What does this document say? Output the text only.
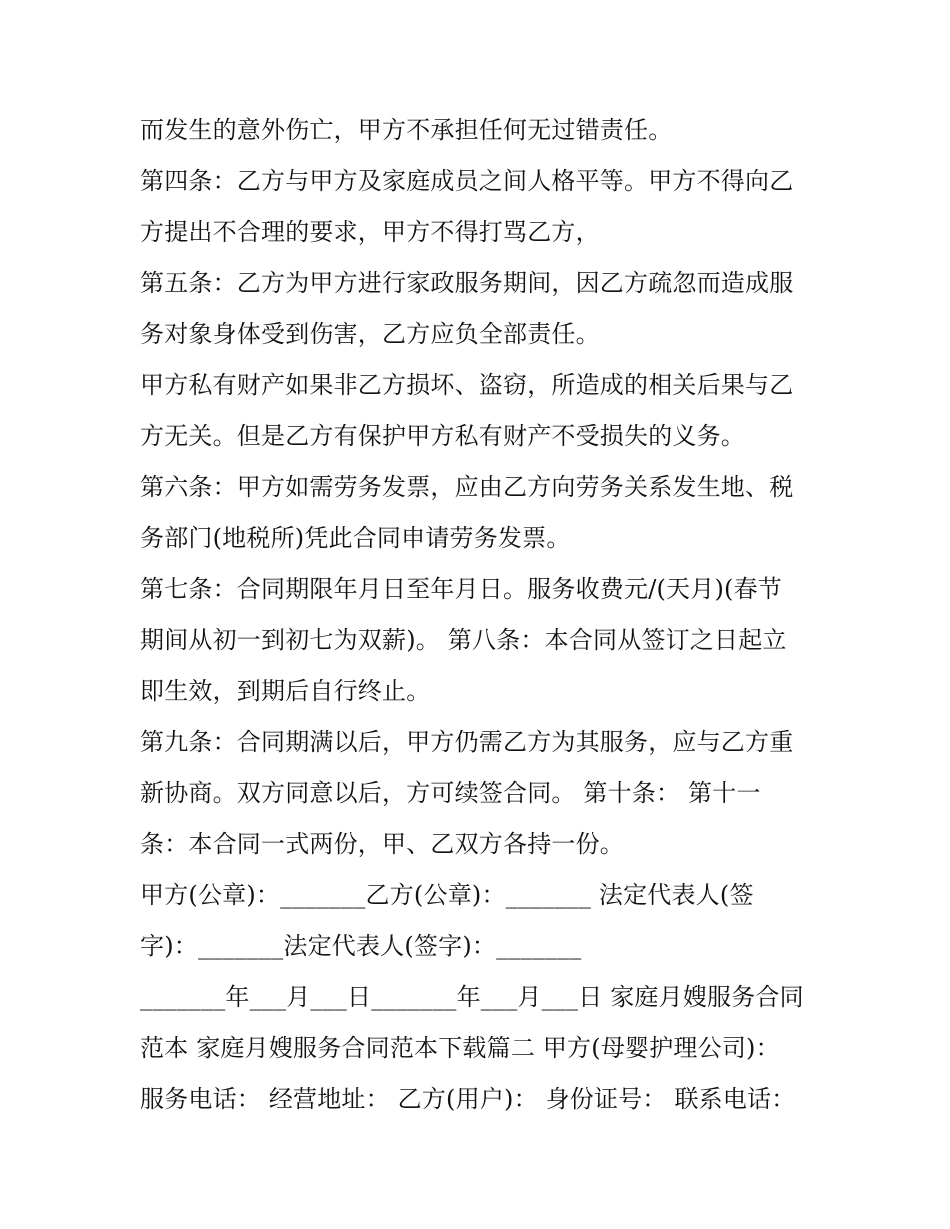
而发生的意外伤亡，甲方不承担任何无过错责任。
第四条：乙方与甲方及家庭成员之间人格平等。甲方不得向乙
方提出不合理的要求，甲方不得打骂乙方，
第五条：乙方为甲方进行家政服务期间，因乙方疏忽而造成服
务对象身体受到伤害，乙方应负全部责任。
甲方私有财产如果非乙方损坏、盗窃，所造成的相关后果与乙
方无关。但是乙方有保护甲方私有财产不受损失的义务。
第六条：甲方如需劳务发票，应由乙方向劳务关系发生地、税
务部门(地税所)凭此合同申请劳务发票。
第七条：合同期限年月日至年月日。服务收费元/(天月)(春节
期间从初一到初七为双薪)。 第八条：本合同从签订之日起立
即生效，到期后自行终止。
第九条：合同期满以后，甲方仍需乙方为其服务，应与乙方重
新协商。双方同意以后，方可续签合同。 第十条： 第十一
条：本合同一式两份，甲、乙双方各持一份。
甲方(公章)：_______乙方(公章)：_______ 法定代表人(签
字)：_______法定代表人(签字)：_______
_______年___月___日_______年___月___日 家庭月嫂服务合同
范本 家庭月嫂服务合同范本下载篇二 甲方(母婴护理公司)：
服务电话： 经营地址： 乙方(用户)： 身份证号： 联系电话：
